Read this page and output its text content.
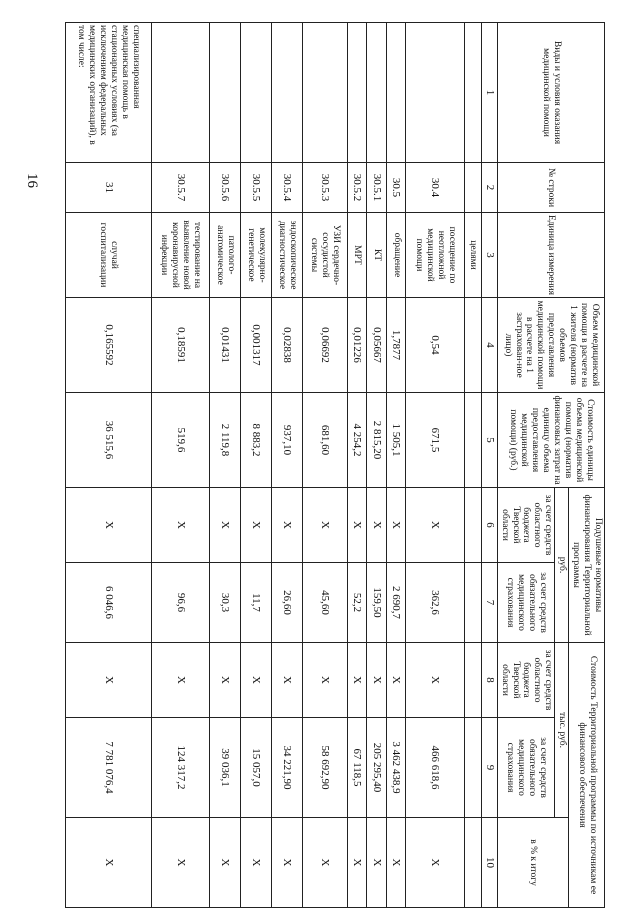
16
Виды и условия оказания медицинской помощи	№ строки	Единица измерения	Объем медицинской помощи в расчете на 1 жителя (норматив объемов предоставления медицинской помощи в расчете на 1 застрахован-ное лицо)	Стоимость единицы объема медицинской помощи (норматив финансовых затрат на единицу объема предоставления медицинской помощи) (руб.)	Подушевые нормативы финансирования Территориальной программы		Стоимость Территориальной программы по источникам ее финансового обеспечения		
					руб.		тыс. руб.		в % к итогу
					за счет средств областного бюджета Тверской области	за счет средств обязательного медицинского страхования	за счет средств областного бюджета Тверской области	за счет средств обязательного медицинского страхования	
1	2	3	4	5	6	7	8	9	10
		целями							
	30.4	посещение по неотложной медицинской помощи	0,54	671,5	Х	362,6	Х	466 618,6	Х
	30.5	обращение	1,7877	1 505,1	Х	2 690,7	Х	3 462 438,9	Х
	30.5.1	КТ	0,05667	2 815,20	Х	159,50	Х	205 295,40	Х
	30.5.2	МРТ	0,01226	4 254,2	Х	52,2	Х	67 118,5	Х
	30.5.3	УЗИ сердечно-сосудистой системы	0,06692	681,60	Х	45,60	Х	58 692,90	Х
	30.5.4	эндоскопическое диагностическое	0,02838	937,10	Х	26,60	Х	34 221,90	Х
	30.5.5	молекулярно-генетическое	0,001317	8 883,2	Х	11,7	Х	15 057,0	Х
	30.5.6	патолого-анатомическое	0,01431	2 119,8	Х	30,3	Х	39 036,1	Х
	30.5.7	тестирование на выявление новой коронавирусной инфекции	0,18591	519,6	Х	96,6	Х	124 317,2	Х
специализированная медицинская помощь в стационарных условиях (за исключением федеральных медицинских организаций), в том числе:	31	случай госпитализации	0,165592	36 515,6	Х	6 046,6	Х	7 781 076,4	Х
